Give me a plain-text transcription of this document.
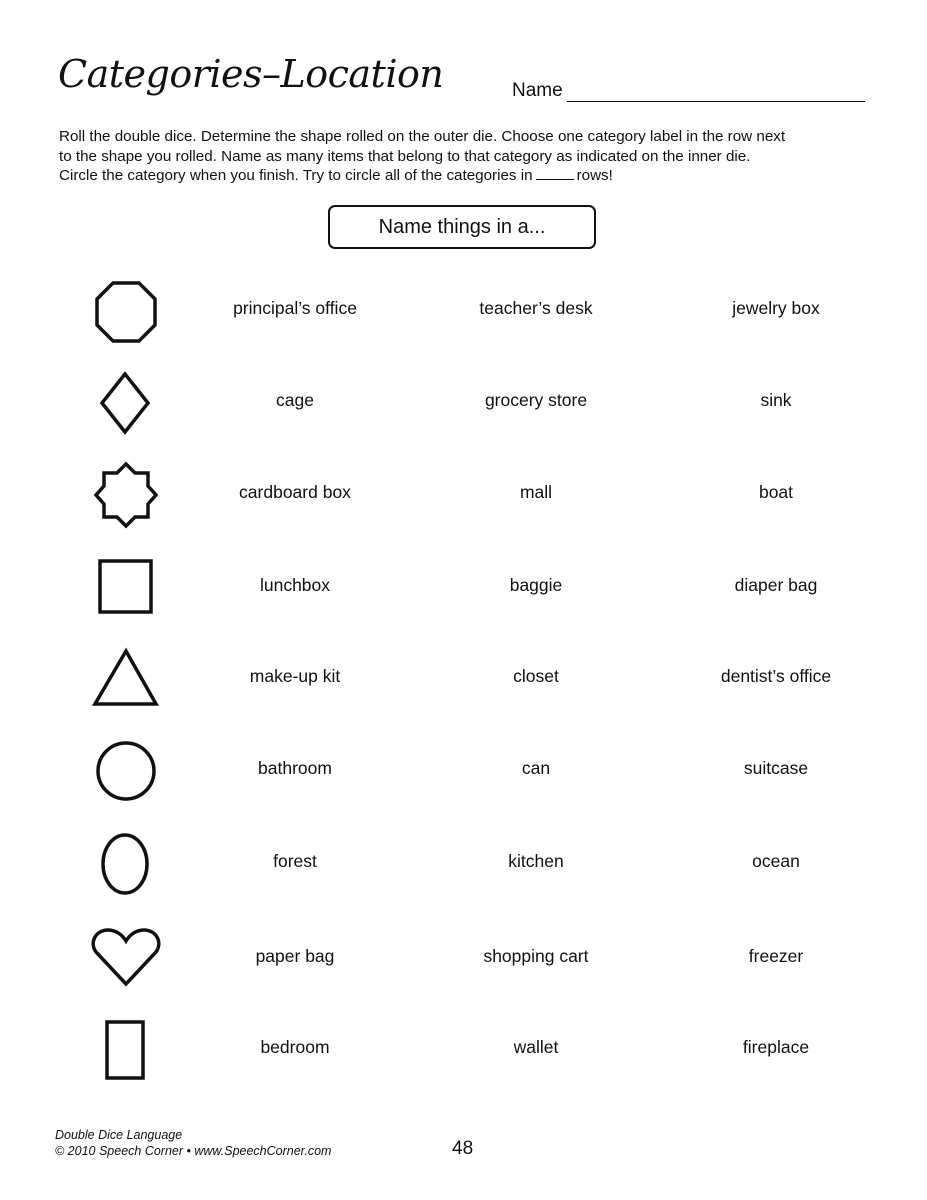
Categories–Location	Name
Roll the double dice. Determine the shape rolled on the outer die. Choose one category label in the row next
to the shape you rolled. Name as many items that belong to that category as indicated on the inner die.
Circle the category when you finish. Try to circle all of the categories in	rows!
Name things in a...
principal’s office	teacher’s desk	jewelry box
cage	grocery store	sink
cardboard box	mall	boat
lunchbox	baggie	diaper bag
make-up kit	closet	dentist’s office
bathroom	can	suitcase
forest	kitchen	ocean
paper bag	shopping cart	freezer
bedroom	wallet	fireplace
Double Dice Language
© 2010 Speech Corner • www.SpeechCorner.com	48
